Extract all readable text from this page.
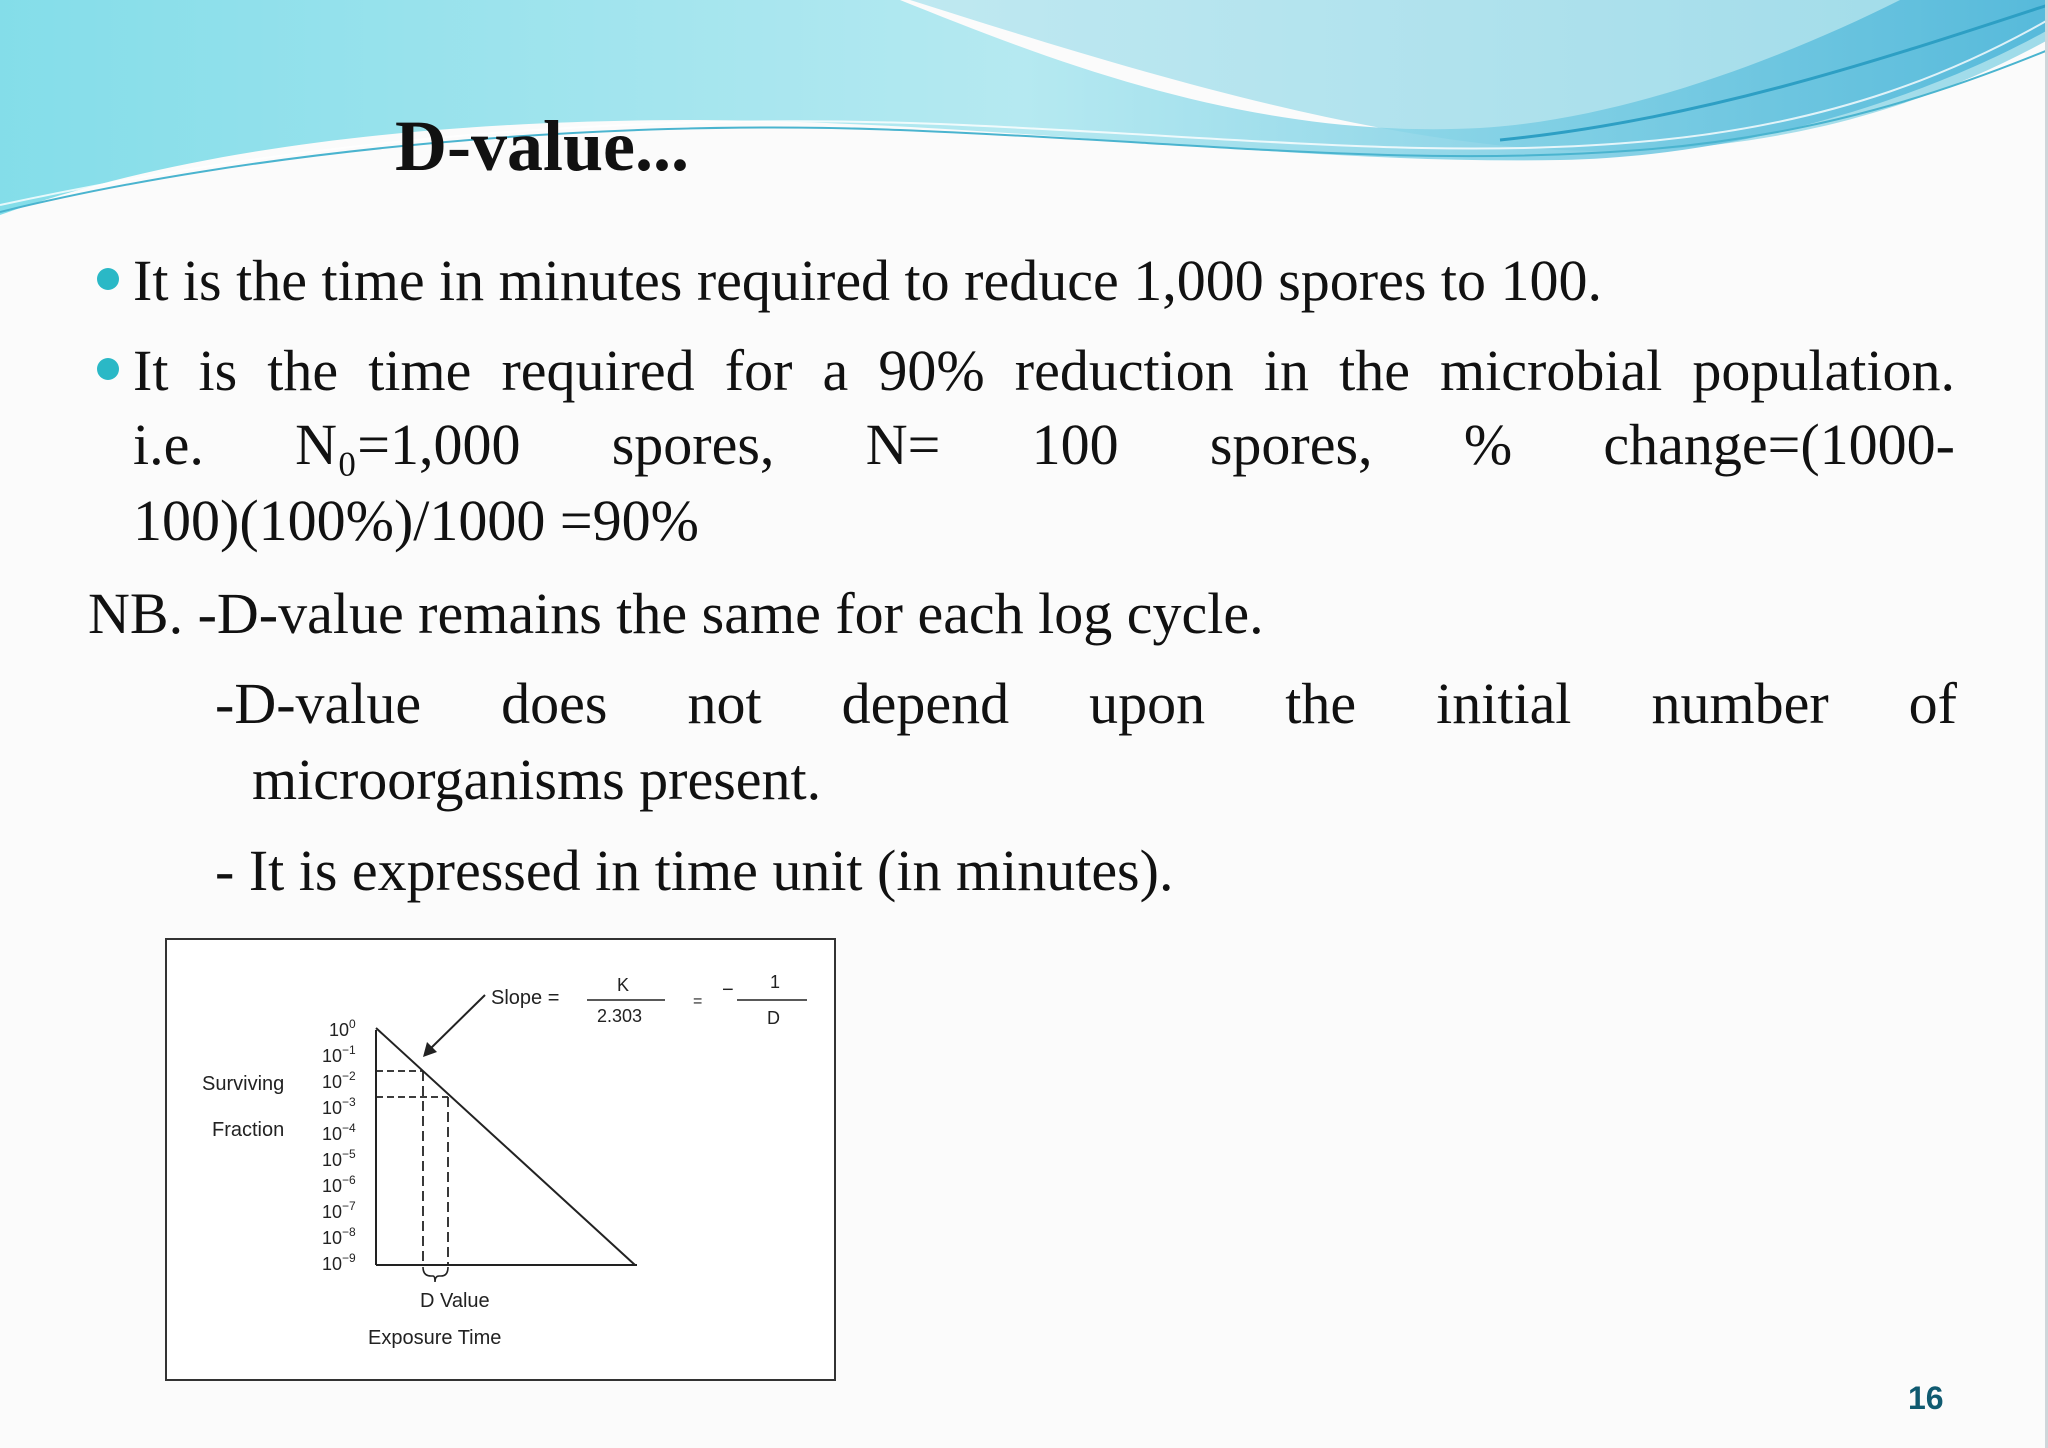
D-value...
It is the time in minutes required to reduce 1,000 spores to 100.
It is the time required for a 90% reduction in the microbial population.
i.e. N₀=1,000 spores, N= 100 spores, % change=(1000-
100)(100%)/1000 =90%
NB. -D-value remains the same for each log cycle.
-D-value does not depend upon the initial number of
microorganisms present.
- It is expressed in time unit (in minutes).
$10^0$
$10^{-1}$
$10^{-2}$
$10^{-3}$
$10^{-4}$
$10^{-5}$
$10^{-6}$
$10^{-7}$
$10^{-8}$
$10^{-9}$
Surviving
Fraction
D Value
Exposure Time
Slope =
K
2.303
=
− 1
D
16
